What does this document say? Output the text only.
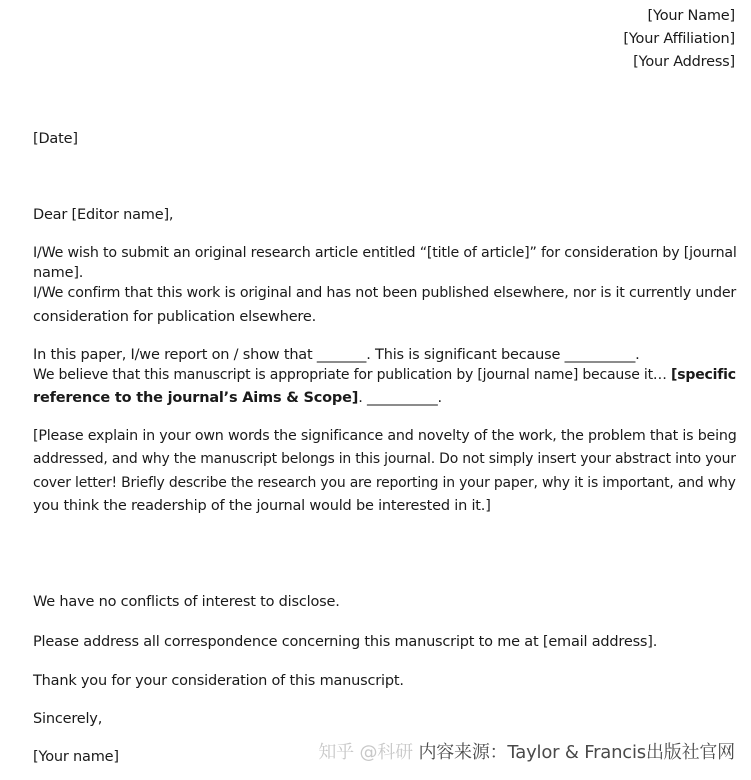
[Your Name]
[Your Affiliation]
[Your Address]
[Date]
Dear [Editor name],
I/We wish to submit an original research article entitled “[title of article]” for consideration by [journal
name].
I/We confirm that this work is original and has not been published elsewhere, nor is it currently under
consideration for publication elsewhere.
In this paper, I/we report on / show that _______. This is significant because __________.
We believe that this manuscript is appropriate for publication by [journal name] because it… [specific
reference to the journal’s Aims & Scope]. __________.
[Please explain in your own words the significance and novelty of the work, the problem that is being
addressed, and why the manuscript belongs in this journal. Do not simply insert your abstract into your
cover letter! Briefly describe the research you are reporting in your paper, why it is important, and why
you think the readership of the journal would be interested in it.]
We have no conflicts of interest to disclose.
Please address all correspondence concerning this manuscript to me at [email address].
Thank you for your consideration of this manuscript.
Sincerely,
[Your name]	知乎 @科研 内容来源：Taylor & Francis出版社官网
